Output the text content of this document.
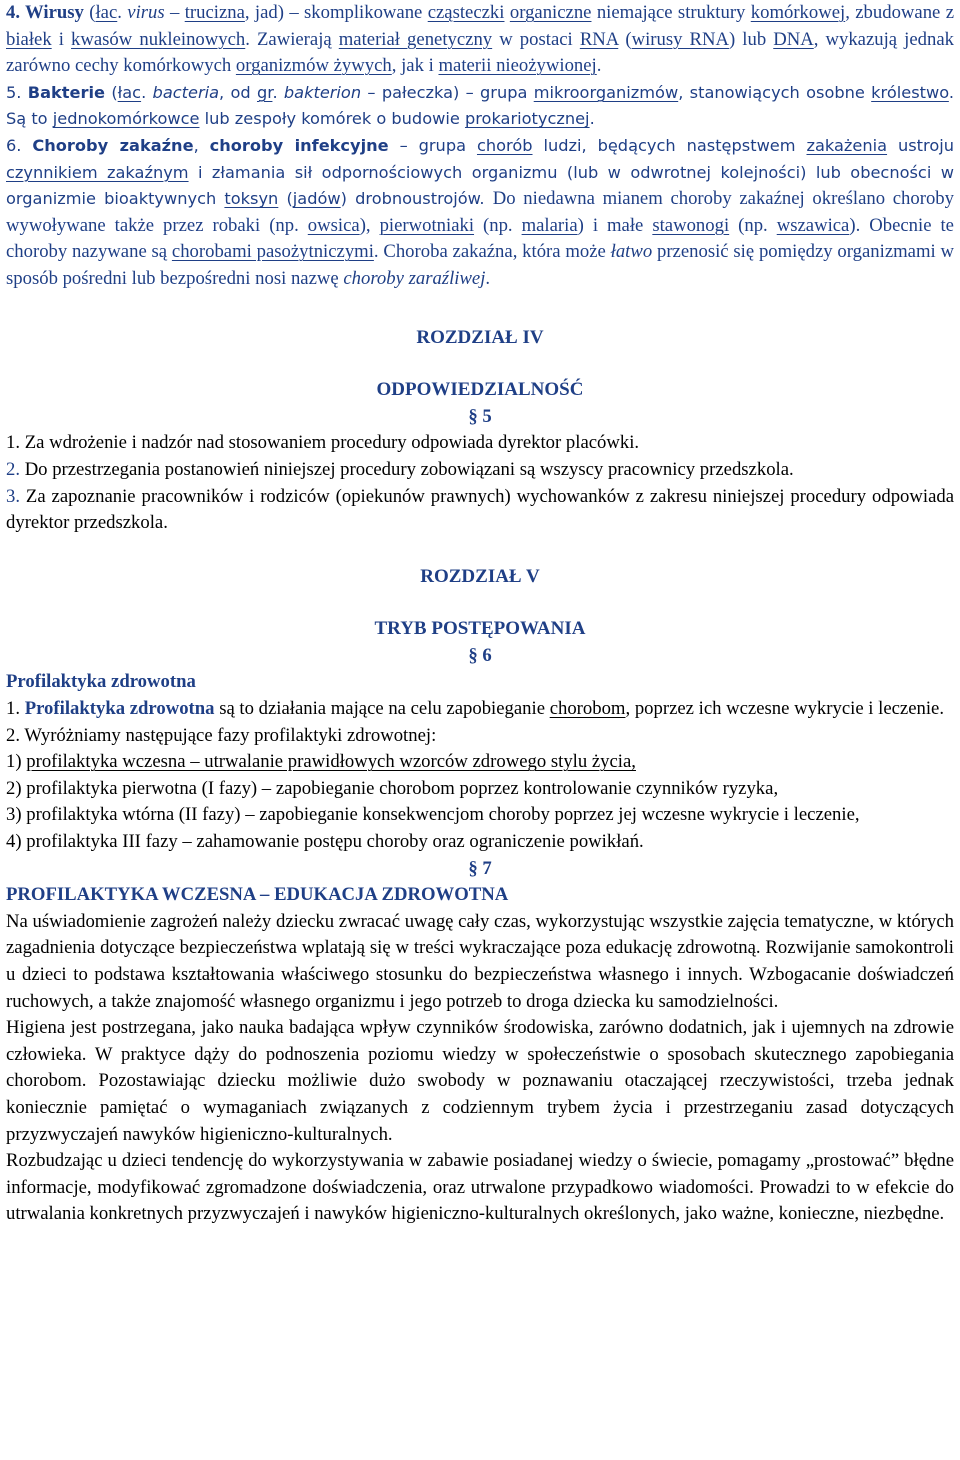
4. Wirusy (łac. virus – trucizna, jad) – skomplikowane cząsteczki organiczne niemające struktury komórkowej, zbudowane z białek i kwasów nukleinowych. Zawierają materiał genetyczny w postaci RNA (wirusy RNA) lub DNA, wykazują jednak zarówno cechy komórkowych organizmów żywych, jak i materii nieożywionej.

5. Bakterie (łac. bacteria, od gr. bakterion – pałeczka) – grupa mikroorganizmów, stanowiących osobne królestwo. Są to jednokomórkowce lub zespoły komórek o budowie prokariotycznej.

6. Choroby zakaźne, choroby infekcyjne – grupa chorób ludzi, będących następstwem zakażenia ustroju czynnikiem zakaźnym i złamania sił odpornościowych organizmu (lub w odwrotnej kolejności) lub obecności w organizmie bioaktywnych toksyn (jadów) drobnoustrojów. Do niedawna mianem choroby zakaźnej określano choroby wywoływane także przez robaki (np. owsica), pierwotniaki (np. malaria) i małe stawonogi (np. wszawica). Obecnie te choroby nazywane są chorobami pasożytniczymi. Choroba zakaźna, która może łatwo przenosić się pomiędzy organizmami w sposób pośredni lub bezpośredni nosi nazwę choroby zaraźliwej.

ROZDZIAŁ IV

ODPOWIEDZIALNOŚĆ

§ 5

1. Za wdrożenie i nadzór nad stosowaniem procedury odpowiada dyrektor placówki.

2. Do przestrzegania postanowień niniejszej procedury zobowiązani są wszyscy pracownicy przedszkola.

3. Za zapoznanie pracowników i rodziców (opiekunów prawnych) wychowanków z zakresu niniejszej procedury odpowiada dyrektor przedszkola.

ROZDZIAŁ V

TRYB POSTĘPOWANIA

§ 6

Profilaktyka zdrowotna

1. Profilaktyka zdrowotna są to działania mające na celu zapobieganie chorobom, poprzez ich wczesne wykrycie i leczenie.

2. Wyróżniamy następujące fazy profilaktyki zdrowotnej:

1) profilaktyka wczesna – utrwalanie prawidłowych wzorców zdrowego stylu życia,

2) profilaktyka pierwotna (I fazy) – zapobieganie chorobom poprzez kontrolowanie czynników ryzyka,

3) profilaktyka wtórna (II fazy) – zapobieganie konsekwencjom choroby poprzez jej wczesne wykrycie i leczenie,

4) profilaktyka III fazy – zahamowanie postępu choroby oraz ograniczenie powikłań.

§ 7

PROFILAKTYKA WCZESNA – EDUKACJA ZDROWOTNA

Na uświadomienie zagrożeń należy dziecku zwracać uwagę cały czas, wykorzystując wszystkie zajęcia tematyczne, w których zagadnienia dotyczące bezpieczeństwa wplatają się w treści wykraczające poza edukację zdrowotną. Rozwijanie samokontroli u dzieci to podstawa kształtowania właściwego stosunku do bezpieczeństwa własnego i innych. Wzbogacanie doświadczeń ruchowych, a także znajomość własnego organizmu i jego potrzeb to droga dziecka ku samodzielności.

Higiena jest postrzegana, jako nauka badająca wpływ czynników środowiska, zarówno dodatnich, jak i ujemnych na zdrowie człowieka. W praktyce dąży do podnoszenia poziomu wiedzy w społeczeństwie o sposobach skutecznego zapobiegania chorobom. Pozostawiając dziecku możliwie dużo swobody w poznawaniu otaczającej rzeczywistości, trzeba jednak koniecznie pamiętać o wymaganiach związanych z codziennym trybem życia i przestrzeganiu zasad dotyczących przyzwyczajeń nawyków higieniczno-kulturalnych.

Rozbudzając u dzieci tendencję do wykorzystywania w zabawie posiadanej wiedzy o świecie, pomagamy „prostować” błędne informacje, modyfikować zgromadzone doświadczenia, oraz utrwalone przypadkowo wiadomości. Prowadzi to w efekcie do utrwalania konkretnych przyzwyczajeń i nawyków higieniczno-kulturalnych określonych, jako ważne, konieczne, niezbędne.
